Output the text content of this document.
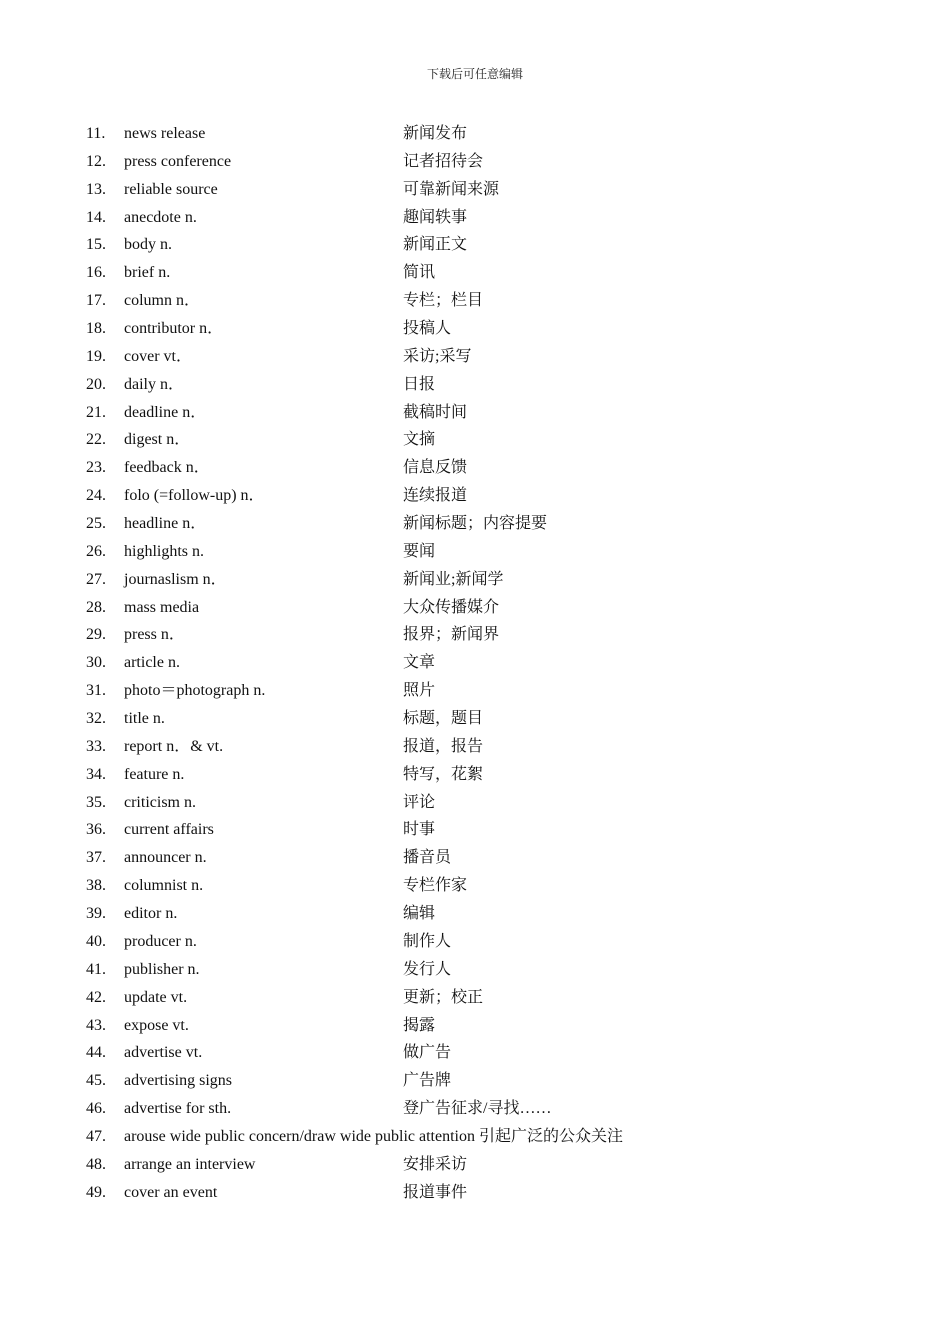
下载后可任意编辑
11. news release	新闻发布
12. press conference	记者招待会
13. reliable source	可靠新闻来源
14. anecdote n.	趣闻轶事
15. body n.	新闻正文
16. brief n.	简讯
17. column n．	专栏；栏目
18. contributor n．	投稿人
19. cover vt．	采访;采写
20. daily n．	日报
21. deadline n．	截稿时间
22. digest n．	文摘
23. feedback n．	信息反馈
24. folo (=follow-up) n．	连续报道
25. headline n．	新闻标题；内容提要
26. highlights n.	要闻
27. journaslism n．	新闻业;新闻学
28. mass media	大众传播媒介
29. press n．	报界；新闻界
30. article n.	文章
31. photo＝photograph n.	照片
32. title n.	标题，题目
33. report n．& vt.	报道，报告
34. feature n.	特写，花絮
35. criticism n.	评论
36. current affairs	时事
37. announcer n.	播音员
38. columnist n.	专栏作家
39. editor n.	编辑
40. producer n.	制作人
41. publisher n.	发行人
42. update vt.	更新；校正
43. expose vt.	揭露
44. advertise vt.	做广告
45. advertising signs	广告牌
46. advertise for sth.	登广告征求/寻找……
47. arouse wide public concern/draw wide public attention 引起广泛的公众关注
48. arrange an interview	安排采访
49. cover an event	报道事件
